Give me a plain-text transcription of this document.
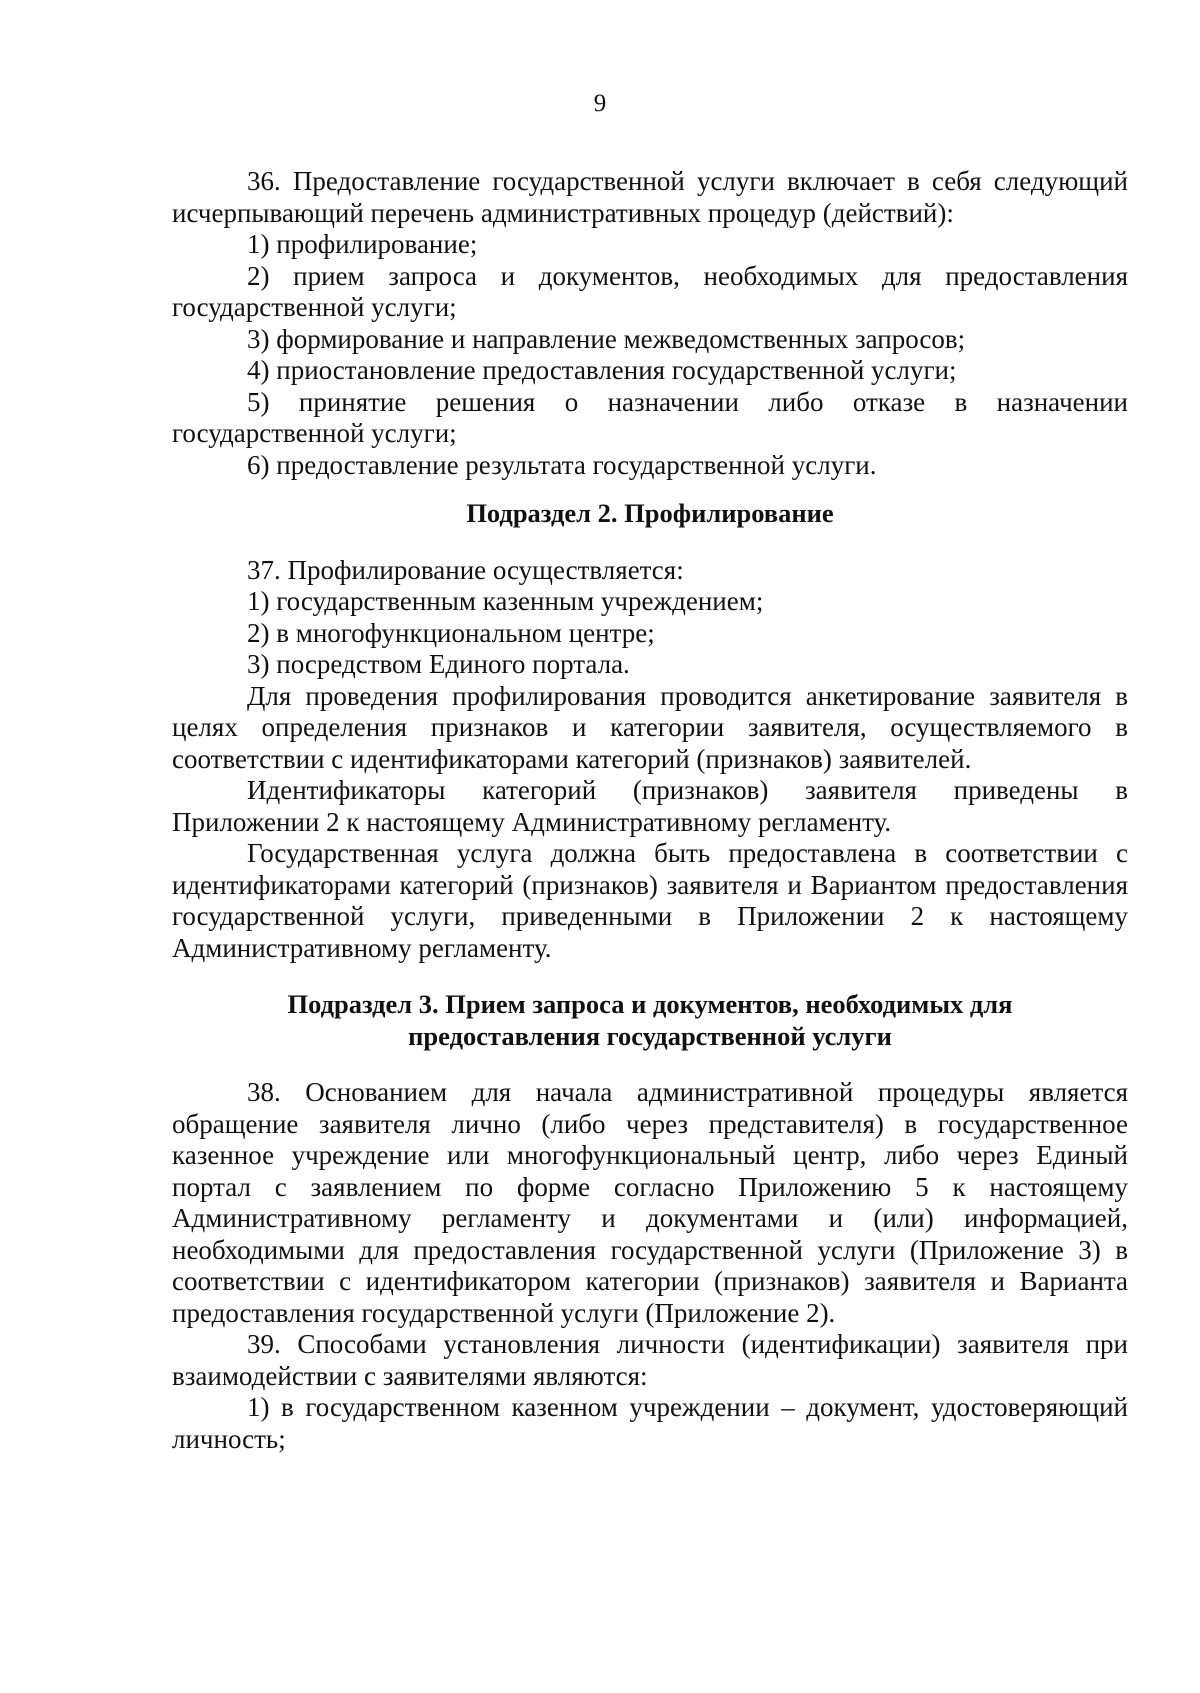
9

36. Предоставление государственной услуги включает в себя следующий исчерпывающий перечень административных процедур (действий):

1) профилирование;

2) прием запроса и документов, необходимых для предоставления государственной услуги;

3) формирование и направление межведомственных запросов;

4) приостановление предоставления государственной услуги;

5) принятие решения о назначении либо отказе в назначении государственной услуги;

6) предоставление результата государственной услуги.

Подраздел 2. Профилирование

37. Профилирование осуществляется:

1) государственным казенным учреждением;

2) в многофункциональном центре;

3) посредством Единого портала.

Для проведения профилирования проводится анкетирование заявителя в целях определения признаков и категории заявителя, осуществляемого в соответствии с идентификаторами категорий (признаков) заявителей.

Идентификаторы категорий (признаков) заявителя приведены в Приложении 2 к настоящему Административному регламенту.

Государственная услуга должна быть предоставлена в соответствии с идентификаторами категорий (признаков) заявителя и Вариантом предоставления государственной услуги, приведенными в Приложении 2 к настоящему Административному регламенту.

Подраздел 3. Прием запроса и документов, необходимых для

предоставления государственной услуги

38. Основанием для начала административной процедуры является обращение заявителя лично (либо через представителя) в государственное казенное учреждение или многофункциональный центр, либо через Единый портал с заявлением по форме согласно Приложению 5 к настоящему Административному регламенту и документами и (или) информацией, необходимыми для предоставления государственной услуги (Приложение 3) в соответствии с идентификатором категории (признаков) заявителя и Варианта предоставления государственной услуги (Приложение 2).

39. Способами установления личности (идентификации) заявителя при взаимодействии с заявителями являются:

1) в государственном казенном учреждении – документ, удостоверяющий личность;
